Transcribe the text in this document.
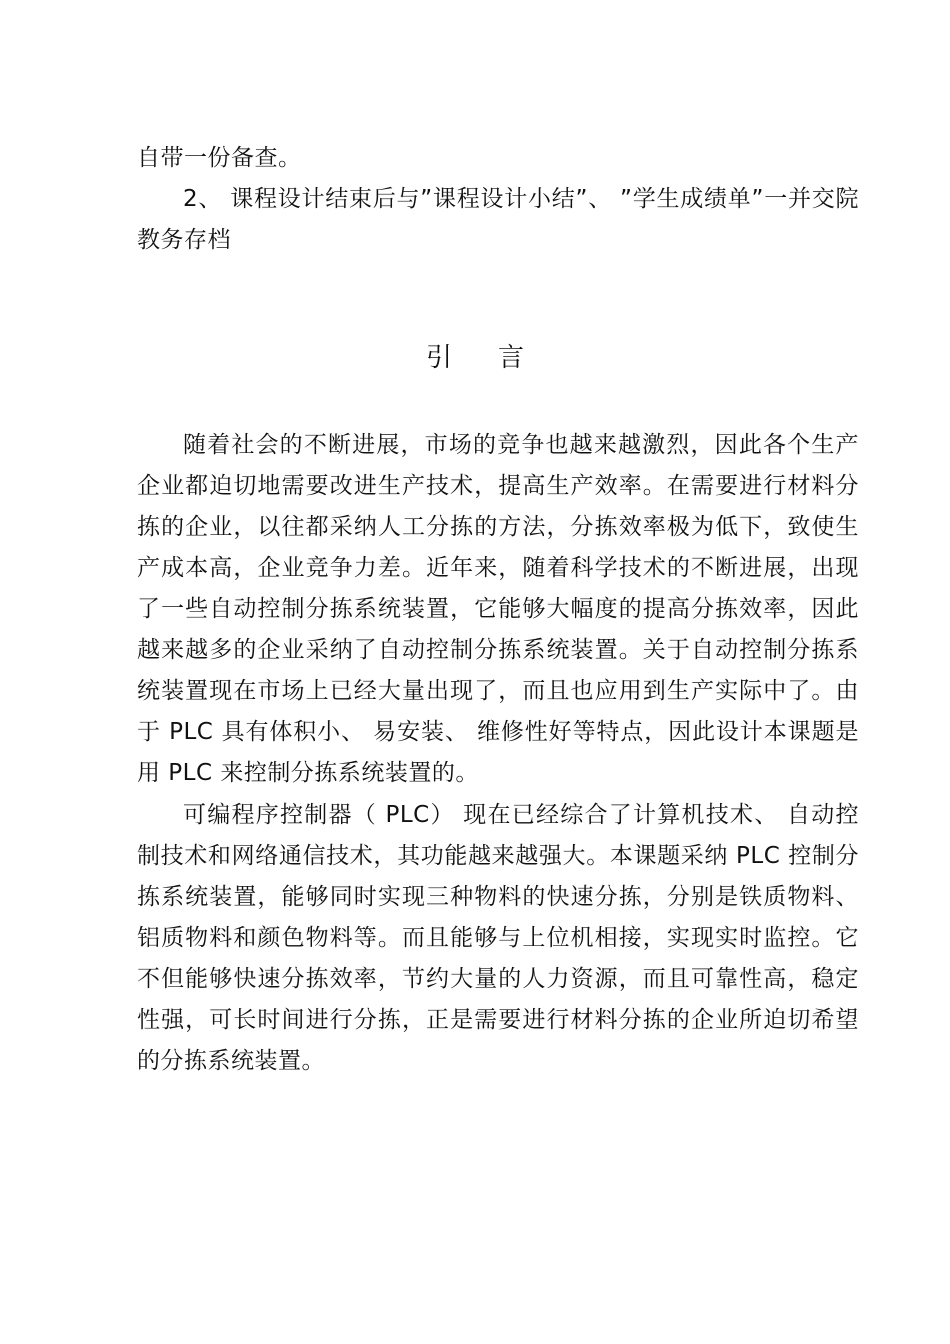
自带一份备查。

2、 课程设计结束后与”课程设计小结”、 ”学生成绩单”一并交院教务存档

引 言

随着社会的不断进展，市场的竞争也越来越激烈，因此各个生产企业都迫切地需要改进生产技术，提高生产效率。在需要进行材料分拣的企业，以往都采纳人工分拣的方法，分拣效率极为低下，致使生产成本高，企业竞争力差。近年来，随着科学技术的不断进展，出现了一些自动控制分拣系统装置，它能够大幅度的提高分拣效率，因此越来越多的企业采纳了自动控制分拣系统装置。关于自动控制分拣系统装置现在市场上已经大量出现了，而且也应用到生产实际中了。由于 PLC 具有体积小、 易安装、 维修性好等特点，因此设计本课题是用 PLC 来控制分拣系统装置的。

可编程序控制器（ PLC） 现在已经综合了计算机技术、 自动控制技术和网络通信技术，其功能越来越强大。本课题采纳 PLC 控制分拣系统装置，能够同时实现三种物料的快速分拣，分别是铁质物料、 铝质物料和颜色物料等。而且能够与上位机相接，实现实时监控。它不但能够快速分拣效率，节约大量的人力资源，而且可靠性高，稳定性强，可长时间进行分拣，正是需要进行材料分拣的企业所迫切希望的分拣系统装置。
